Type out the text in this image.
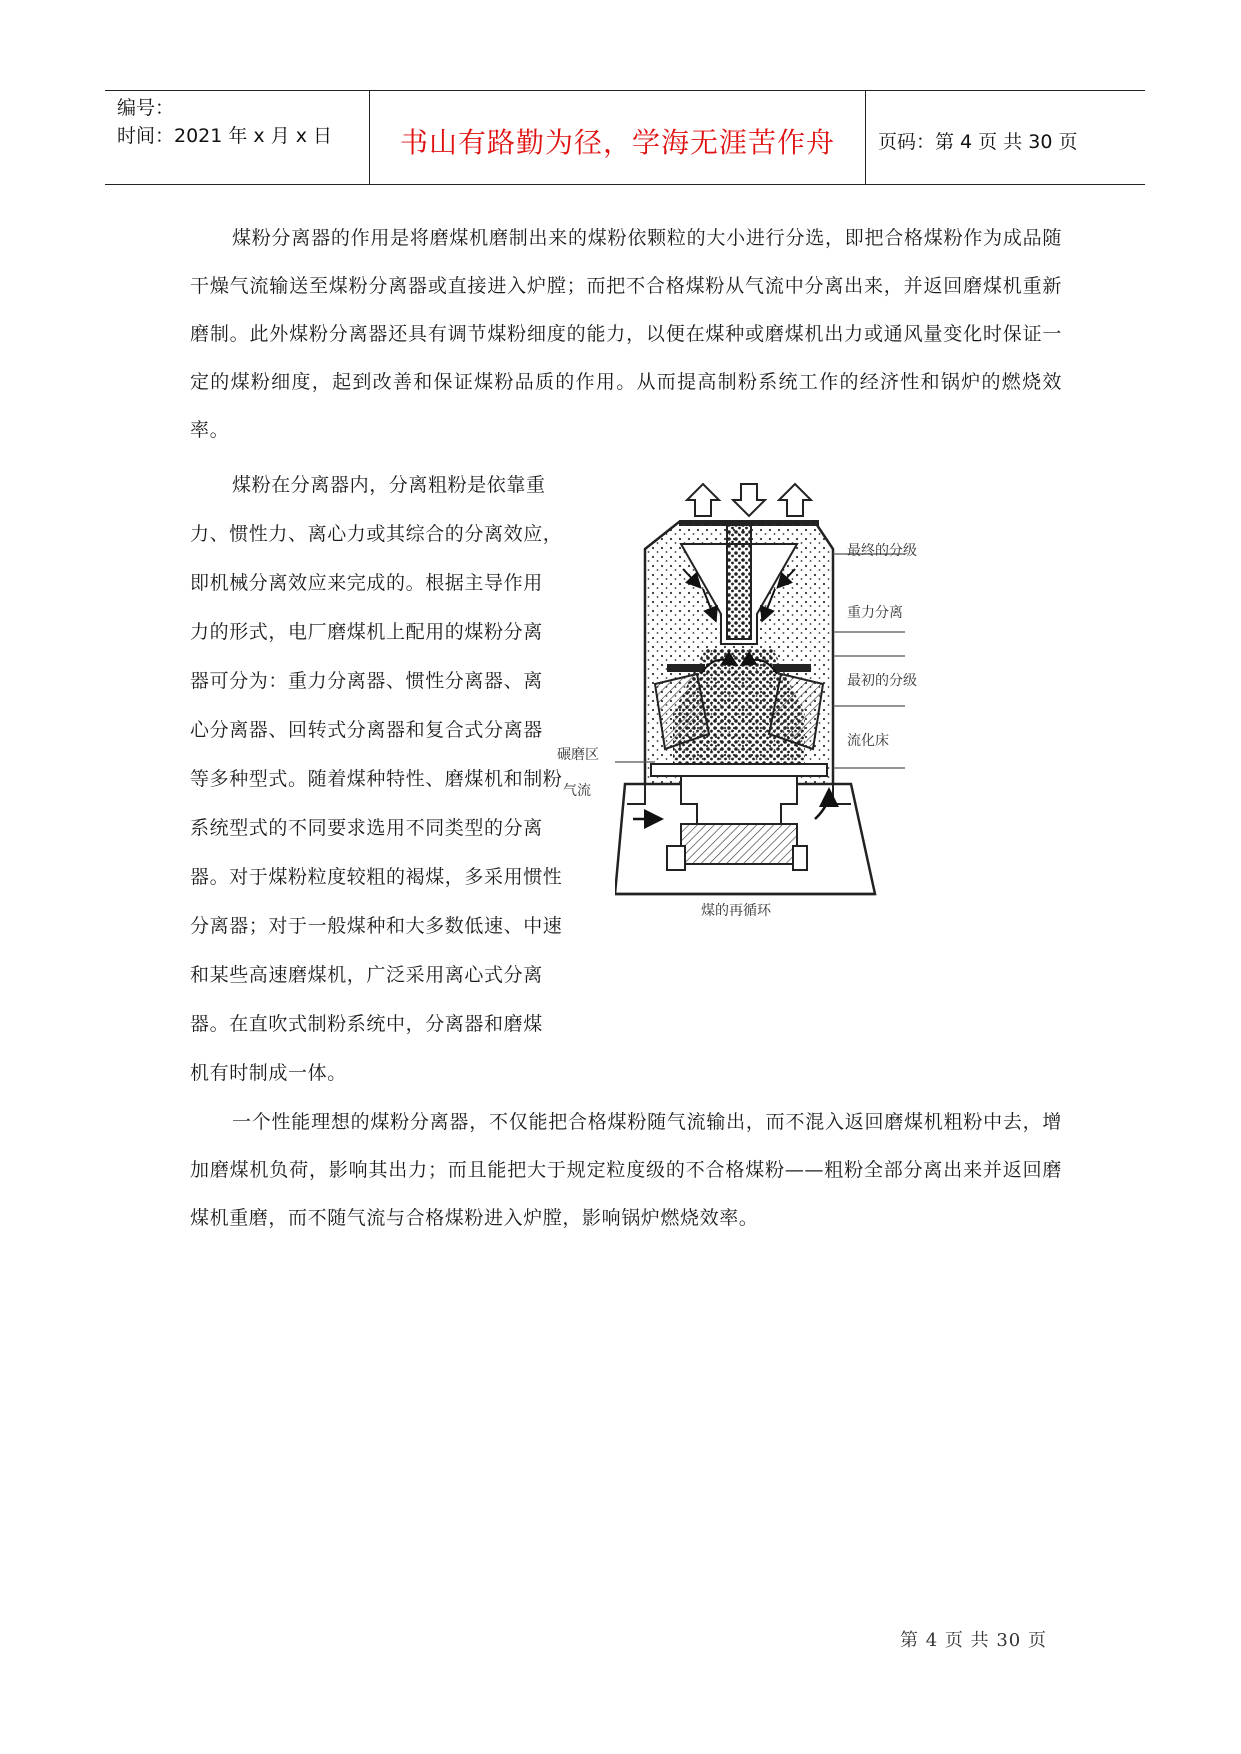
编号：
时间：2021 年 x 月 x 日	书山有路勤为径，学海无涯苦作舟	页码：第 4 页 共 30 页
煤粉分离器的作用是将磨煤机磨制出来的煤粉依颗粒的大小进行分选，即把合格煤粉作为成品随干燥气流输送至煤粉分离器或直接进入炉膛；而把不合格煤粉从气流中分离出来，并返回磨煤机重新磨制。此外煤粉分离器还具有调节煤粉细度的能力，以便在煤种或磨煤机出力或通风量变化时保证一定的煤粉细度，起到改善和保证煤粉品质的作用。从而提高制粉系统工作的经济性和锅炉的燃烧效率。
煤粉在分离器内，分离粗粉是依靠重
力、惯性力、离心力或其综合的分离效应，
即机械分离效应来完成的。根据主导作用
力的形式，电厂磨煤机上配用的煤粉分离
器可分为：重力分离器、惯性分离器、离
心分离器、回转式分离器和复合式分离器
等多种型式。随着煤种特性、磨煤机和制粉
系统型式的不同要求选用不同类型的分离
器。对于煤粉粒度较粗的褐煤，多采用惯性
分离器；对于一般煤种和大多数低速、中速
和某些高速磨煤机，广泛采用离心式分离
器。在直吹式制粉系统中，分离器和磨煤
机有时制成一体。
最终的分级
重力分离
最初的分级
流化床
碾磨区
气流
煤的再循环
一个性能理想的煤粉分离器，不仅能把合格煤粉随气流输出，而不混入返回磨煤机粗粉中去，增加磨煤机负荷，影响其出力；而且能把大于规定粒度级的不合格煤粉——粗粉全部分离出来并返回磨煤机重磨，而不随气流与合格煤粉进入炉膛，影响锅炉燃烧效率。
第 4 页 共 30 页
